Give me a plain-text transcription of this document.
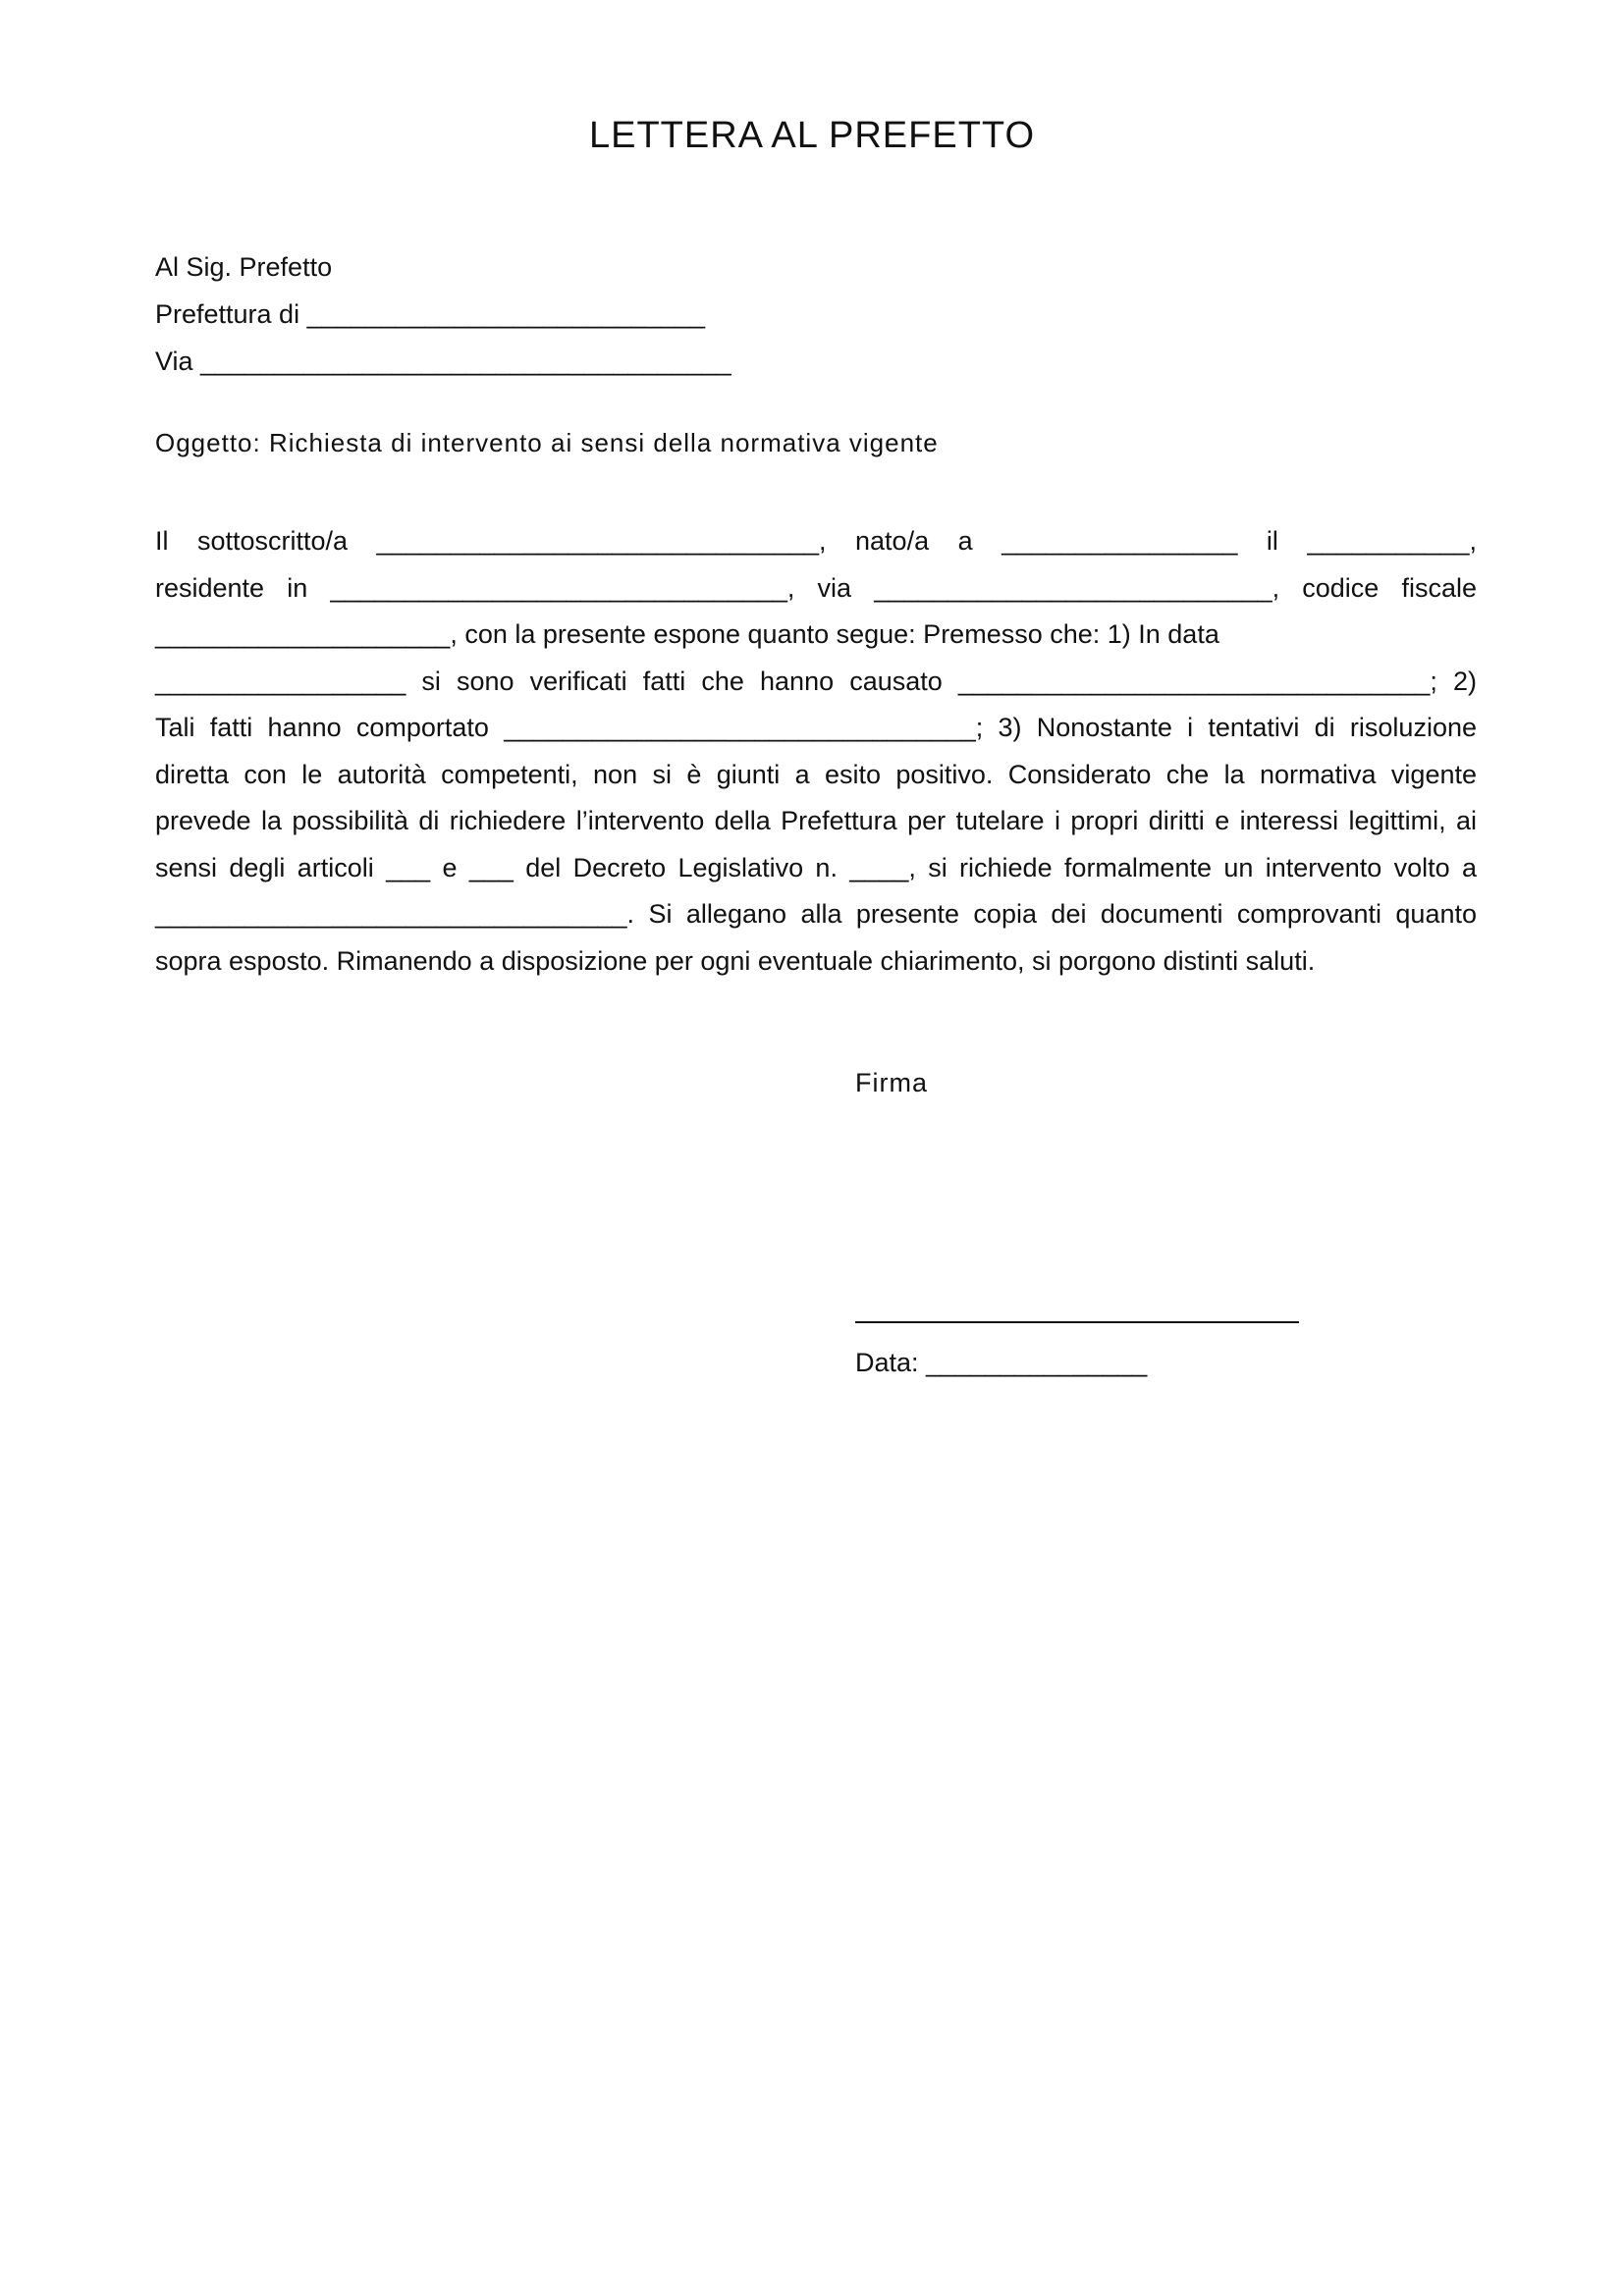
LETTERA AL PREFETTO
Al Sig. Prefetto
Prefettura di ___________________________
Via ____________________________________
Oggetto: Richiesta di intervento ai sensi della normativa vigente
Il sottoscritto/a ______________________________, nato/a a ________________ il ___________,
residente in _______________________________, via ___________________________, codice fiscale
____________________, con la presente espone quanto segue: Premesso che: 1) In data
_________________ si sono verificati fatti che hanno causato ________________________________; 2)
Tali fatti hanno comportato ________________________________; 3) Nonostante i tentativi di risoluzione
diretta con le autorità competenti, non si è giunti a esito positivo. Considerato che la normativa vigente
prevede la possibilità di richiedere l’intervento della Prefettura per tutelare i propri diritti e interessi legittimi, ai
sensi degli articoli ___ e ___ del Decreto Legislativo n. ____, si richiede formalmente un intervento volto a
________________________________. Si allegano alla presente copia dei documenti comprovanti quanto
sopra esposto. Rimanendo a disposizione per ogni eventuale chiarimento, si porgono distinti saluti.
Firma
Data: _______________
